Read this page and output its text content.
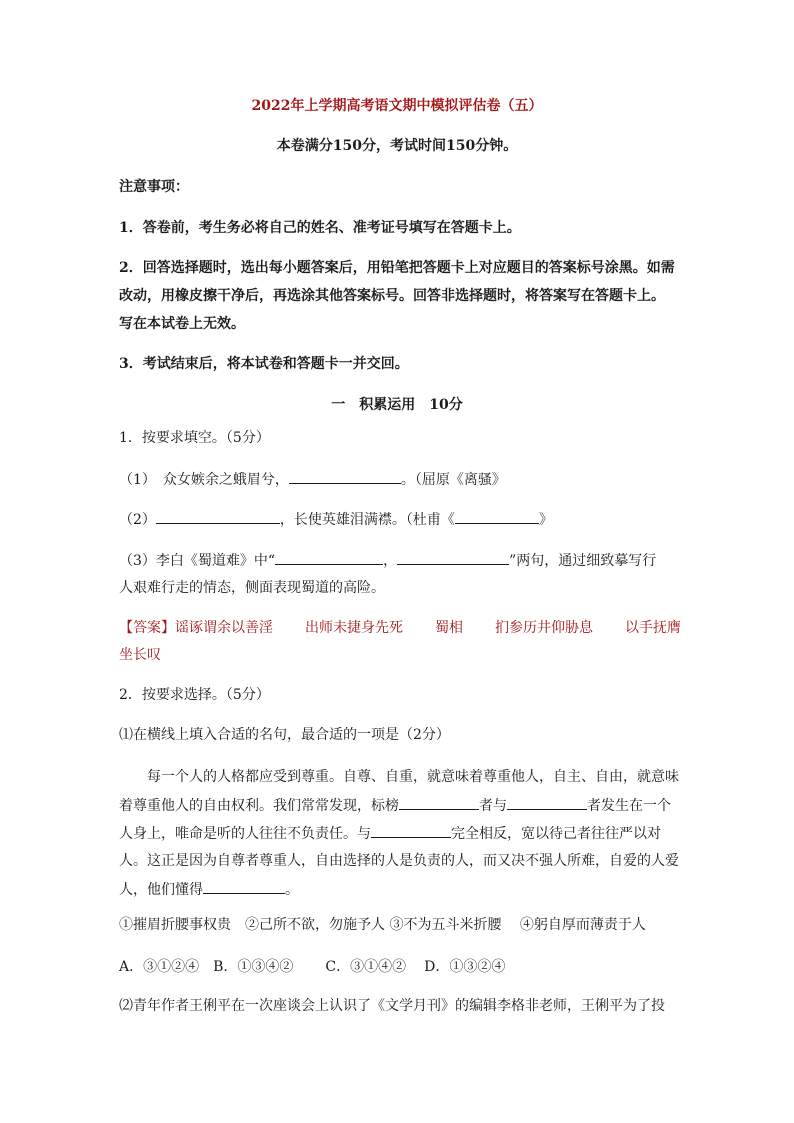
2022年上学期高考语文期中模拟评估卷（五）
本卷满分150分，考试时间150分钟。
注意事项：
1．答卷前，考生务必将自己的姓名、准考证号填写在答题卡上。
2．回答选择题时，选出每小题答案后，用铅笔把答题卡上对应题目的答案标号涂黑。如需
改动，用橡皮擦干净后，再选涂其他答案标号。回答非选择题时，将答案写在答题卡上。
写在本试卷上无效。
3．考试结束后，将本试卷和答题卡一并交回。
一　积累运用　10分
1．按要求填空。（5分）
（1）　众女嫉余之蛾眉兮，	。（屈原《离骚》
（2）	，长使英雄泪满襟。（杜甫《	》
（3）李白《蜀道难》中“	，	”两句，通过细致摹写行
人艰难行走的情态，侧面表现蜀道的高险。
【答案】谣诼谓余以善淫 出师未捷身先死 蜀相 扪参历井仰胁息 以手抚膺
坐长叹
2．按要求选择。（5分）
⑴在横线上填入合适的名句，最合适的一项是（2分）
每一个人的人格都应受到尊重。自尊、自重，就意味着尊重他人，自主、自由，就意味
着尊重他人的自由权利。我们常常发现，标榜	者与	者发生在一个
人身上，唯命是听的人往往不负责任。与	完全相反，宽以待己者往往严以对
人。这正是因为自尊者尊重人，自由选择的人是负责的人，而又决不强人所难，自爱的人爱
人，他们懂得	。
①摧眉折腰事权贵　②己所不欲，勿施予人 ③不为五斗米折腰　 ④躬自厚而薄责于人
A．③①②④ B．①③④② C．③①④② D．①③②④
⑵青年作者王俐平在一次座谈会上认识了《文学月刊》的编辑李格非老师，王俐平为了投
